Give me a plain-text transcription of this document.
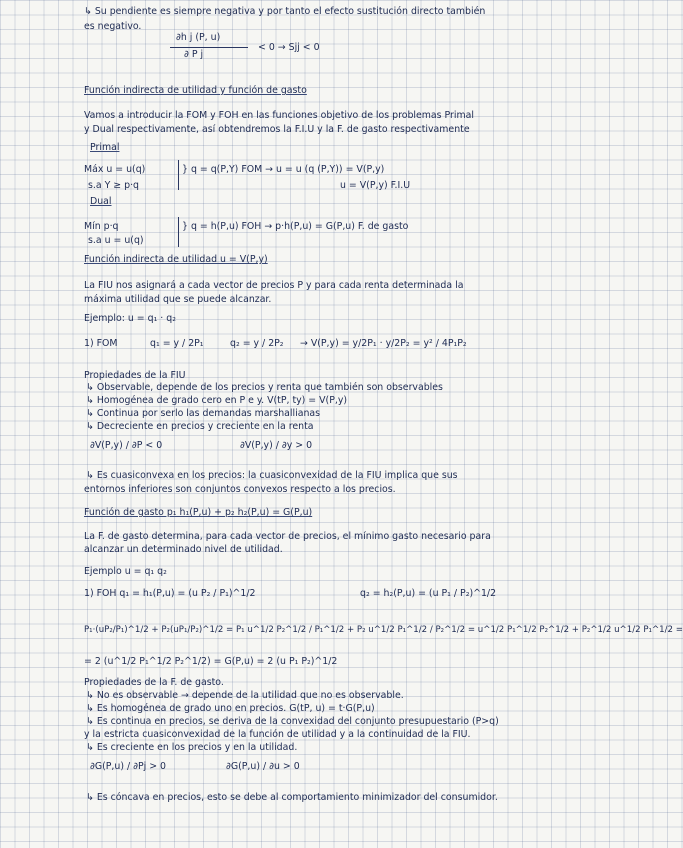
↳ Su pendiente es siempre negativa y por tanto el efecto sustitución directo también
es negativo.
∂h j (P, u)
∂ P j
< 0 → Sjj < 0
Función indirecta de utilidad y función de gasto
Vamos a introducir la FOM y FOH en las funciones objetivo de los problemas Primal
y Dual respectivamente, así obtendremos la F.I.U y la F. de gasto respectivamente
Primal
Máx u = u(q)	} q = q(P,Y) FOM → u = u (q (P,Y)) = V(P,y)
s.a Y ≥ p·q	u = V(P,y) F.I.U
Dual
Mín p·q	} q = h(P,u) FOH → p·h(P,u) = G(P,u) F. de gasto
s.a u = u(q)
Función indirecta de utilidad u = V(P,y)
La FIU nos asignará a cada vector de precios P y para cada renta determinada la
máxima utilidad que se puede alcanzar.
Ejemplo: u = q₁ · q₂
1) FOM	q₁ = y / 2P₁	q₂ = y / 2P₂ → V(P,y) = y/2P₁ · y/2P₂ = y² / 4P₁P₂
Propiedades de la FIU
↳ Observable, depende de los precios y renta que también son observables
↳ Homogénea de grado cero en P e y. V(tP, ty) = V(P,y)
↳ Continua por serlo las demandas marshallianas
↳ Decreciente en precios y creciente en la renta
∂V(P,y) / ∂P < 0	∂V(P,y) / ∂y > 0
↳ Es cuasiconvexa en los precios: la cuasiconvexidad de la FIU implica que sus
entornos inferiores son conjuntos convexos respecto a los precios.
Función de gasto p₁ h₁(P,u) + p₂ h₂(P,u) = G(P,u)
La F. de gasto determina, para cada vector de precios, el mínimo gasto necesario para
alcanzar un determinado nivel de utilidad.
Ejemplo u = q₁ q₂
1) FOH q₁ = h₁(P,u) = (u P₂ / P₁)^1/2	q₂ = h₂(P,u) = (u P₁ / P₂)^1/2
P₁·(uP₂/P₁)^1/2 + P₂(uP₁/P₂)^1/2 = P₁ u^1/2 P₂^1/2 / P₁^1/2 + P₂ u^1/2 P₁^1/2 / P₂^1/2 = u^1/2 P₁^1/2 P₂^1/2 + P₂^1/2 u^1/2 P₁^1/2 =
= 2 (u^1/2 P₁^1/2 P₂^1/2) = G(P,u) = 2 (u P₁ P₂)^1/2
Propiedades de la F. de gasto.
↳ No es observable → depende de la utilidad que no es observable.
↳ Es homogénea de grado uno en precios. G(tP, u) = t·G(P,u)
↳ Es continua en precios, se deriva de la convexidad del conjunto presupuestario (P>q)
y la estricta cuasiconvexidad de la función de utilidad y a la continuidad de la FIU.
↳ Es creciente en los precios y en la utilidad.
∂G(P,u) / ∂Pj > 0	∂G(P,u) / ∂u > 0
↳ Es cóncava en precios, esto se debe al comportamiento minimizador del consumidor.
